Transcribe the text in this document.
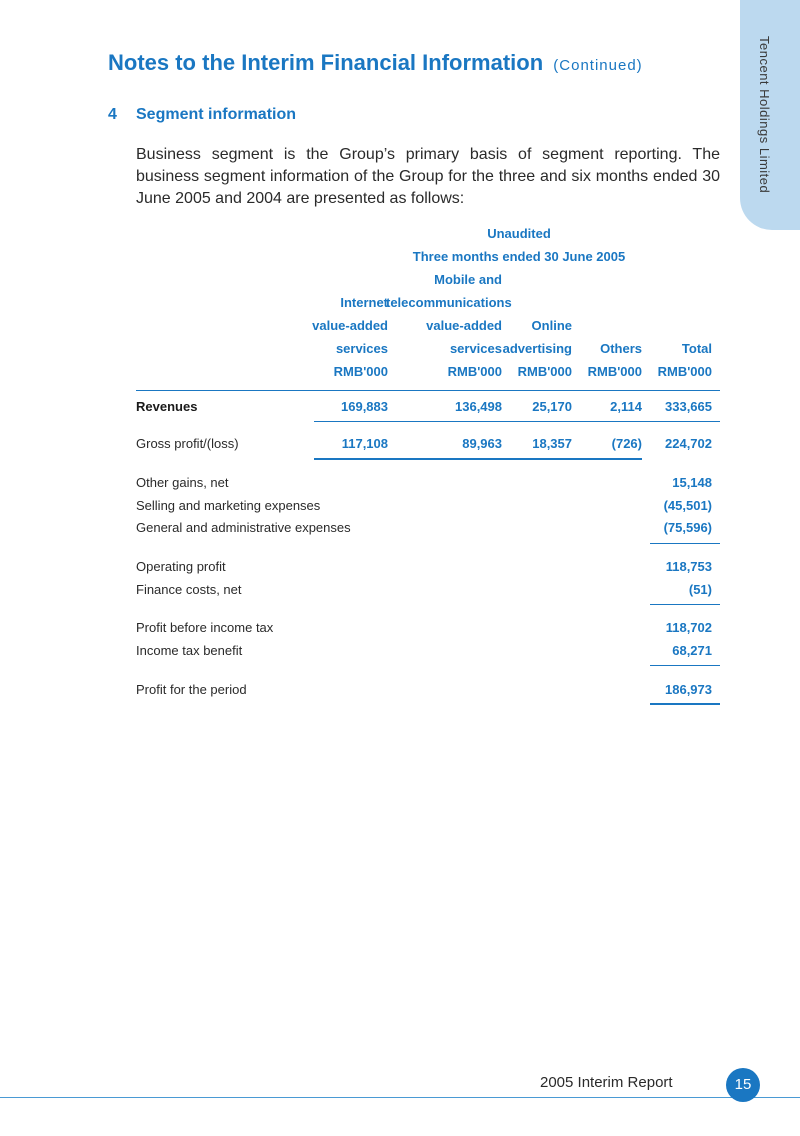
Tencent Holdings Limited
Notes to the Interim Financial Information (Continued)
4 Segment information

Business segment is the Group’s primary basis of segment reporting. The business segment information of the Group for the three and six months ended 30 June 2005 and 2004 are presented as follows:

Unaudited
Three months ended 30 June 2005
Internet
value-added
services
RMB'000
Mobile and
telecommunications
value-added
services
RMB'000
Online
advertising
RMB'000
Others
RMB'000
Total
RMB'000
Revenues	169,883	136,498	25,170	2,114	333,665
Gross profit/(loss)	117,108	89,963	18,357	(726)	224,702
Other gains, net	15,148
Selling and marketing expenses	(45,501)
General and administrative expenses	(75,596)
Operating profit	118,753
Finance costs, net	(51)
Profit before income tax	118,702
Income tax benefit	68,271
Profit for the period	186,973
2005 Interim Report	15
